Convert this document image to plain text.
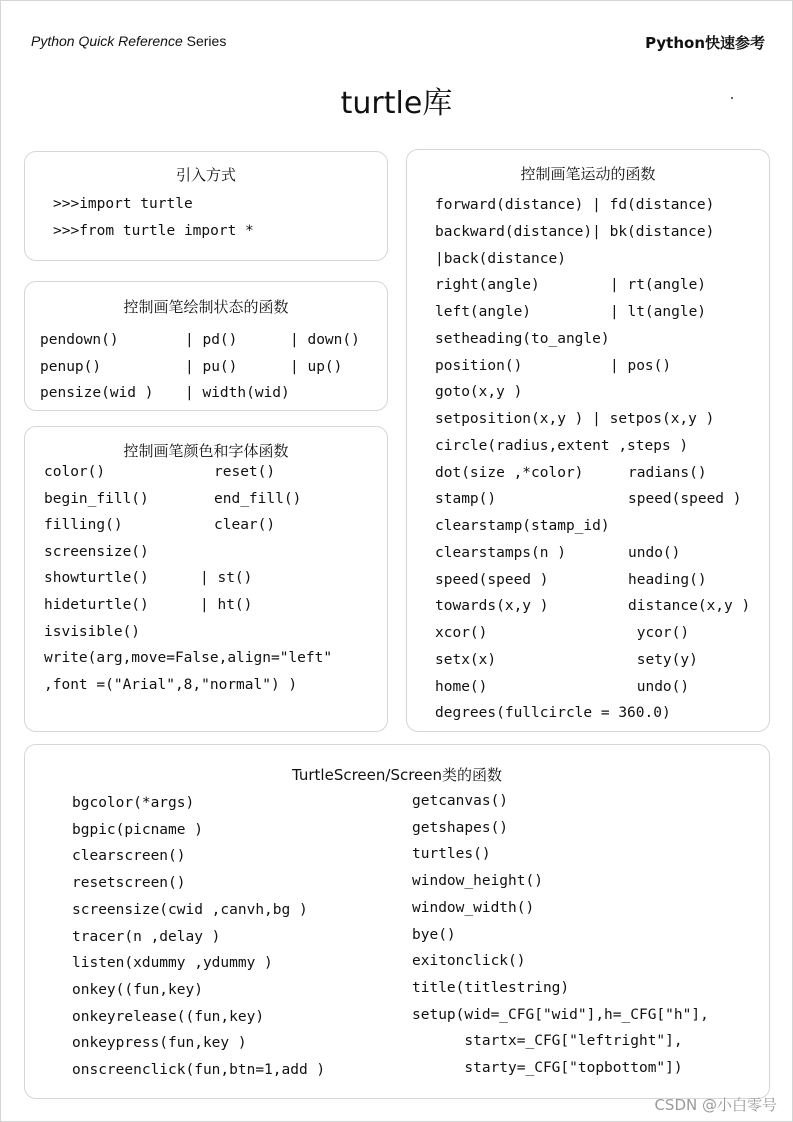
Python Quick Reference Series	Python快速参考
turtle库
引入方式
>>>import turtle
>>>from turtle import *
控制画笔绘制状态的函数
pendown()	| pd()	| down()
penup()	| pu()	| up()
pensize(wid ) | width(wid)
控制画笔颜色和字体函数
color()	reset()
begin_fill()	end_fill()
filling()	clear()
screensize()
showturtle()	| st()
hideturtle()	| ht()
isvisible()
write(arg,move=False,align="left"
,font =("Arial",8,"normal") )
控制画笔运动的函数
forward(distance) | fd(distance)
backward(distance)| bk(distance)
|back(distance)
right(angle)	| rt(angle)
left(angle)	| lt(angle)
setheading(to_angle)
position()	| pos()
goto(x,y )
setposition(x,y ) | setpos(x,y )
circle(radius,extent ,steps )
dot(size ,*color)	radians()
stamp()	speed(speed )
clearstamp(stamp_id)
clearstamps(n )	undo()
speed(speed )	heading()
towards(x,y )	distance(x,y )
xcor()	ycor()
setx(x)	sety(y)
home()	undo()
degrees(fullcircle = 360.0)
TurtleScreen/Screen类的函数
bgcolor(*args)
bgpic(picname )
clearscreen()
resetscreen()
screensize(cwid ,canvh,bg )
tracer(n ,delay )
listen(xdummy ,ydummy )
onkey((fun,key)
onkeyrelease((fun,key)
onkeypress(fun,key )
onscreenclick(fun,btn=1,add )
getcanvas()
getshapes()
turtles()
window_height()
window_width()
bye()
exitonclick()
title(titlestring)
setup(wid=_CFG["wid"],h=_CFG["h"],
startx=_CFG["leftright"],
starty=_CFG["topbottom"])
CSDN @小白零号
